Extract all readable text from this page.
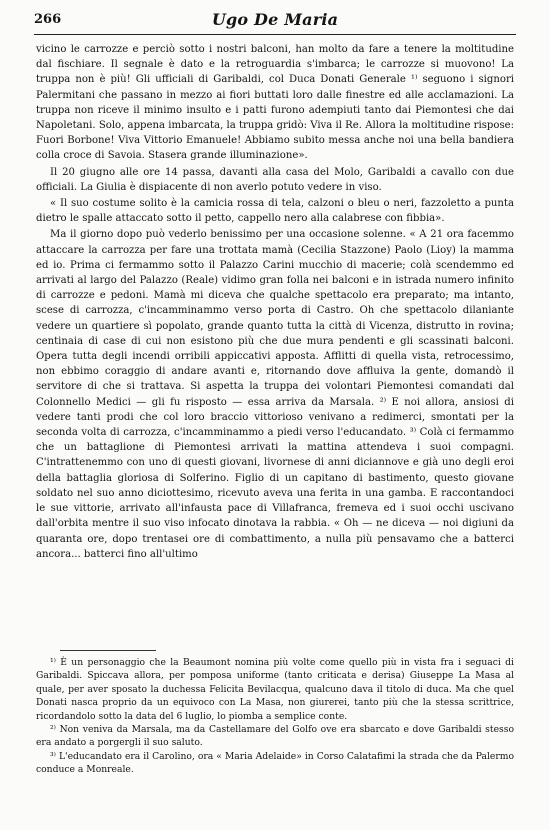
266	Ugo De Maria

vicino le carrozze e perciò sotto i nostri balconi, han molto da fare a tenere la moltitudine dal fischiare. Il segnale è dato e la retroguardia s'imbarca; le carrozze si muovono! La truppa non è più! Gli ufficiali di Garibaldi, col Duca Donati Generale ¹⁾ seguono i signori Palermitani che passano in mezzo ai fiori buttati loro dalle finestre ed alle acclamazioni. La truppa non riceve il minimo insulto e i patti furono adempiuti tanto dai Piemontesi che dai Napoletani. Solo, appena imbarcata, la truppa gridò: Viva il Re. Allora la moltitudine rispose: Fuori Borbone! Viva Vittorio Emanuele! Abbiamo subito messa anche noi una bella bandiera colla croce di Savoia. Stasera grande illuminazione».

Il 20 giugno alle ore 14 passa, davanti alla casa del Molo, Garibaldi a cavallo con due officiali. La Giulia è dispiacente di non averlo potuto vedere in viso.

« Il suo costume solito è la camicia rossa di tela, calzoni o bleu o neri, fazzoletto a punta dietro le spalle attaccato sotto il petto, cappello nero alla calabrese con fibbia».

Ma il giorno dopo può vederlo benissimo per una occasione solenne. « A 21 ora facemmo attaccare la carrozza per fare una trottata mamà (Cecilia Stazzone) Paolo (Lioy) la mamma ed io. Prima ci fermammo sotto il Palazzo Carini mucchio di macerie; colà scendemmo ed arrivati al largo del Palazzo (Reale) vidimo gran folla nei balconi e in istrada numero infinito di carrozze e pedoni. Mamà mi diceva che qualche spettacolo era preparato; ma intanto, scese di carrozza, c'incamminammo verso porta di Castro. Oh che spettacolo dilaniante vedere un quartiere sì popolato, grande quanto tutta la città di Vicenza, distrutto in rovina; centinaia di case di cui non esistono più che due mura pendenti e gli scassinati balconi. Opera tutta degli incendi orribili appiccativi apposta. Afflitti di quella vista, retrocessimo, non ebbimo coraggio di andare avanti e, ritornando dove affluiva la gente, domandò il servitore di che si trattava. Si aspetta la truppa dei volontari Piemontesi comandati dal Colonnello Medici — gli fu risposto — essa arriva da Marsala. ²⁾ E noi allora, ansiosi di vedere tanti prodi che col loro braccio vittorioso venivano a redimerci, smontati per la seconda volta di carrozza, c'incamminammo a piedi verso l'educandato. ³⁾ Colà ci fermammo che un battaglione di Piemontesi arrivati la mattina attendeva i suoi compagni. C'intrattenemmo con uno di questi giovani, livornese di anni diciannove e già uno degli eroi della battaglia gloriosa di Solferino. Figlio di un capitano di bastimento, questo giovane soldato nel suo anno diciottesimo, ricevuto aveva una ferita in una gamba. E raccontandoci le sue vittorie, arrivato all'infausta pace di Villafranca, fremeva ed i suoi occhi uscivano dall'orbita mentre il suo viso infocato dinotava la rabbia. « Oh — ne diceva — noi digiuni da quaranta ore, dopo trentasei ore di combattimento, a nulla più pensavamo che a batterci ancora... batterci fino all'ultimo

¹⁾ È un personaggio che la Beaumont nomina più volte come quello più in vista fra i seguaci di Garibaldi. Spiccava allora, per pomposa uniforme (tanto criticata e derisa) Giuseppe La Masa al quale, per aver sposato la duchessa Felicita Bevilacqua, qualcuno dava il titolo di duca. Ma che quel Donati nasca proprio da un equivoco con La Masa, non giurerei, tanto più che la stessa scrittrice, ricordandolo sotto la data del 6 luglio, lo piomba a semplice conte.

²⁾ Non veniva da Marsala, ma da Castellamare del Golfo ove era sbarcato e dove Garibaldi stesso era andato a porgergli il suo saluto.

³⁾ L'educandato era il Carolino, ora « Maria Adelaide» in Corso Calatafimi la strada che da Palermo conduce a Monreale.
